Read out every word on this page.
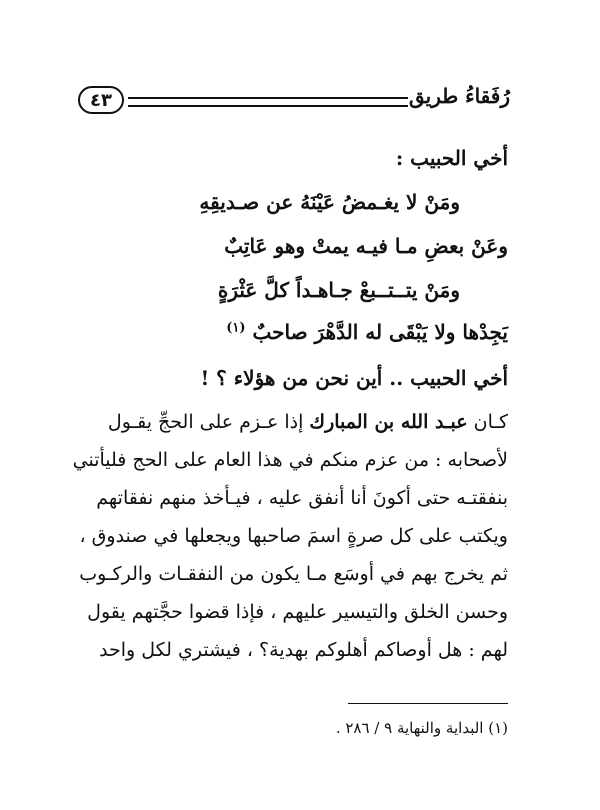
٤٣	رُفَقاءُ طريق
أخي الحبيب :
ومَنْ لا يغـمضُ عَيْنَهُ عن صـديقِهِ
وعَنْ بعضِ مـا فيـه يمتْ وهو عَاتِبٌ
ومَنْ يتــتــبعْ جـاهـداً كلَّ عَثْرَةٍ
يَجِدْها ولا يَبْقَى له الدَّهْرَ صاحبٌ $^{(١)}$
أخي الحبيب .. أين نحن من هؤلاء ؟ !
كـان عبـد الله بن المبارك إذا عـزم على الحجِّ يقـول
لأصحابه : من عزم منكم في هذا العام على الحج فليأتني
بنفقتـه حتى أكونَ أنا أنفق عليه ، فيـأخذ منهم نفقاتهم
ويكتب على كل صرةٍ اسمَ صاحبها ويجعلها في صندوق ،
ثم يخرج بهم في أوسَع مـا يكون من النفقـات والركـوب
وحسن الخلق والتيسير عليهم ، فإذا قضوا حجَّتهم يقول
لهم : هل أوصاكم أهلوكم بهدية؟ ، فيشتري لكل واحد
(١) البداية والنهاية ٩ / ٢٨٦ .
